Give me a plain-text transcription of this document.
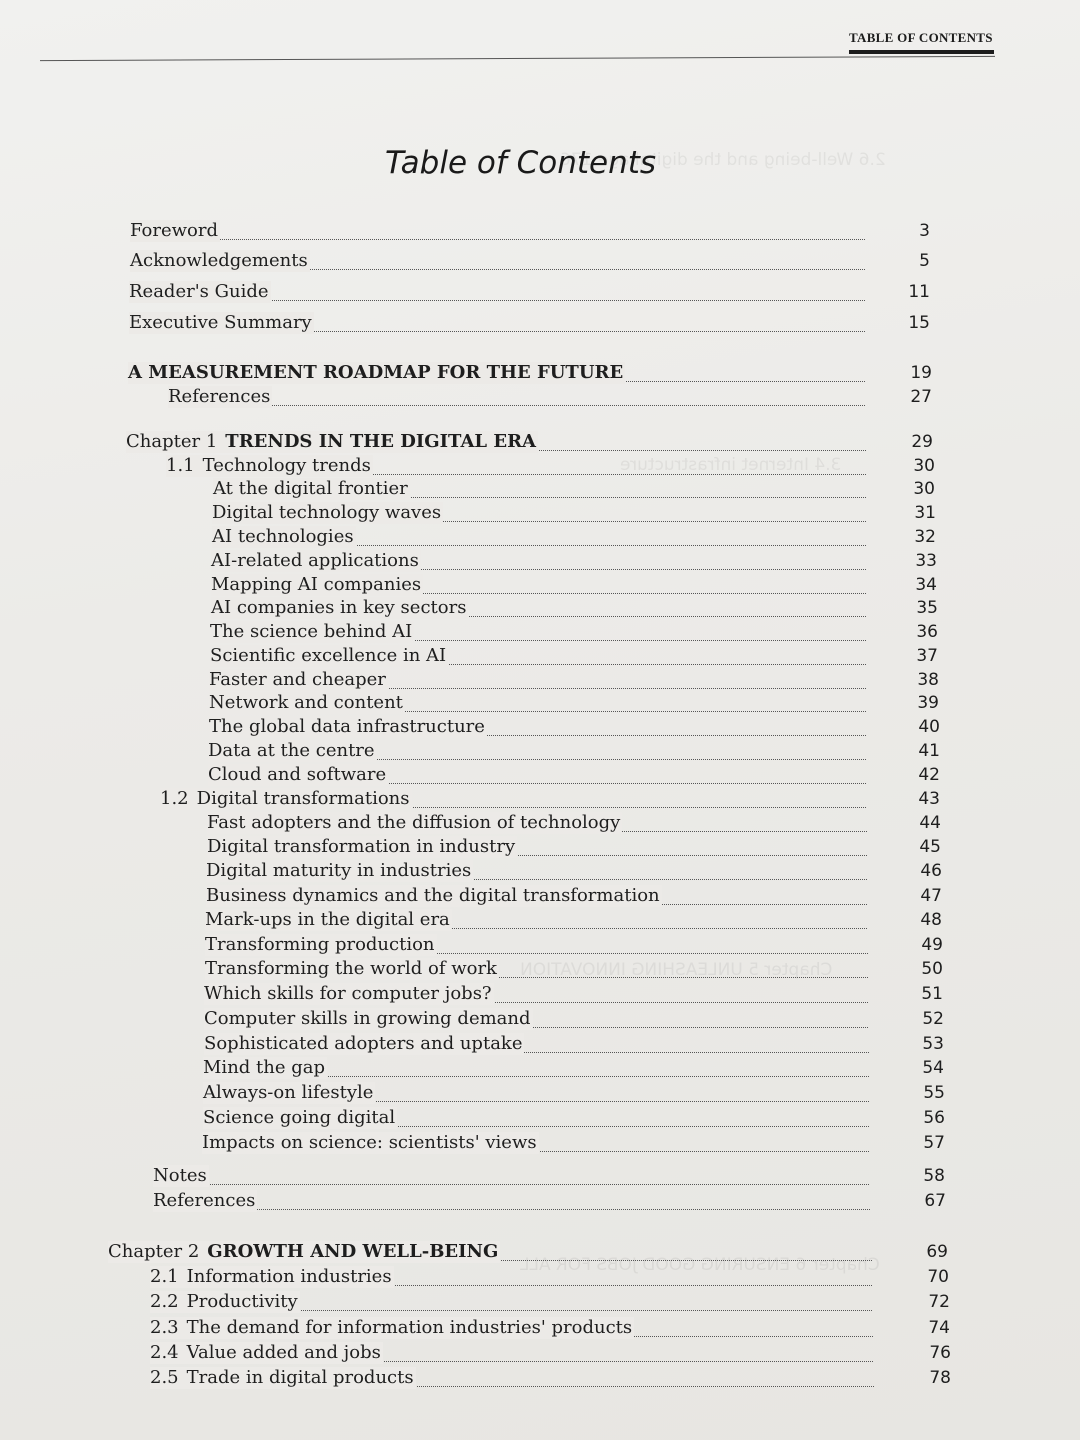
TABLE OF CONTENTS
2.6 Well-being and the digital age 176
3.4 Internet infrastructure
Chapter 5 UNLEASHING INNOVATION
Chapter 6 ENSURING GOOD JOBS FOR ALL
Table of Contents
Foreword	3
Acknowledgements	5
Reader's Guide	11
Executive Summary	15
A MEASUREMENT ROADMAP FOR THE FUTURE	19
References	27
Chapter 1 TRENDS IN THE DIGITAL ERA	29
1.1 Technology trends	30
At the digital frontier	30
Digital technology waves	31
AI technologies	32
AI-related applications	33
Mapping AI companies	34
AI companies in key sectors	35
The science behind AI	36
Scientific excellence in AI	37
Faster and cheaper	38
Network and content	39
The global data infrastructure	40
Data at the centre	41
Cloud and software	42
1.2 Digital transformations	43
Fast adopters and the diffusion of technology	44
Digital transformation in industry	45
Digital maturity in industries	46
Business dynamics and the digital transformation	47
Mark-ups in the digital era	48
Transforming production	49
Transforming the world of work	50
Which skills for computer jobs?	51
Computer skills in growing demand	52
Sophisticated adopters and uptake	53
Mind the gap	54
Always-on lifestyle	55
Science going digital	56
Impacts on science: scientists' views	57
Notes	58
References	67
Chapter 2 GROWTH AND WELL-BEING	69
2.1 Information industries	70
2.2 Productivity	72
2.3 The demand for information industries' products	74
2.4 Value added and jobs	76
2.5 Trade in digital products	78
